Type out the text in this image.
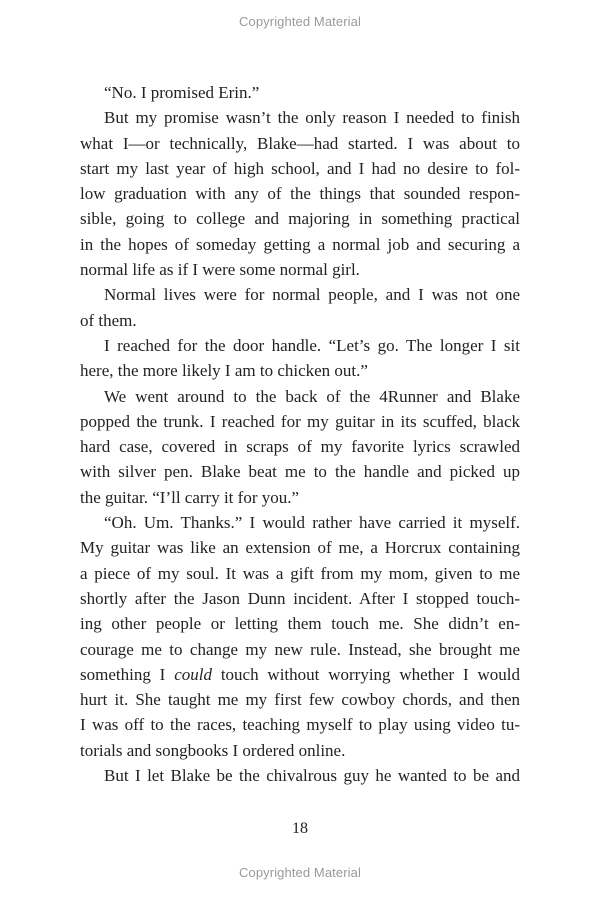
Copyrighted Material
“No. I promised Erin.”
But my promise wasn’t the only reason I needed to finish
what I—or technically, Blake—had started. I was about to
start my last year of high school, and I had no desire to fol-
low graduation with any of the things that sounded respon-
sible, going to college and majoring in something practical
in the hopes of someday getting a normal job and securing a
normal life as if I were some normal girl.
Normal lives were for normal people, and I was not one
of them.
I reached for the door handle. “Let’s go. The longer I sit
here, the more likely I am to chicken out.”
We went around to the back of the 4Runner and Blake
popped the trunk. I reached for my guitar in its scuffed, black
hard case, covered in scraps of my favorite lyrics scrawled
with silver pen. Blake beat me to the handle and picked up
the guitar. “I’ll carry it for you.”
“Oh. Um. Thanks.” I would rather have carried it myself.
My guitar was like an extension of me, a Horcrux containing
a piece of my soul. It was a gift from my mom, given to me
shortly after the Jason Dunn incident. After I stopped touch-
ing other people or letting them touch me. She didn’t en-
courage me to change my new rule. Instead, she brought me
something I could touch without worrying whether I would
hurt it. She taught me my first few cowboy chords, and then
I was off to the races, teaching myself to play using video tu-
torials and songbooks I ordered online.
But I let Blake be the chivalrous guy he wanted to be and
18
Copyrighted Material
